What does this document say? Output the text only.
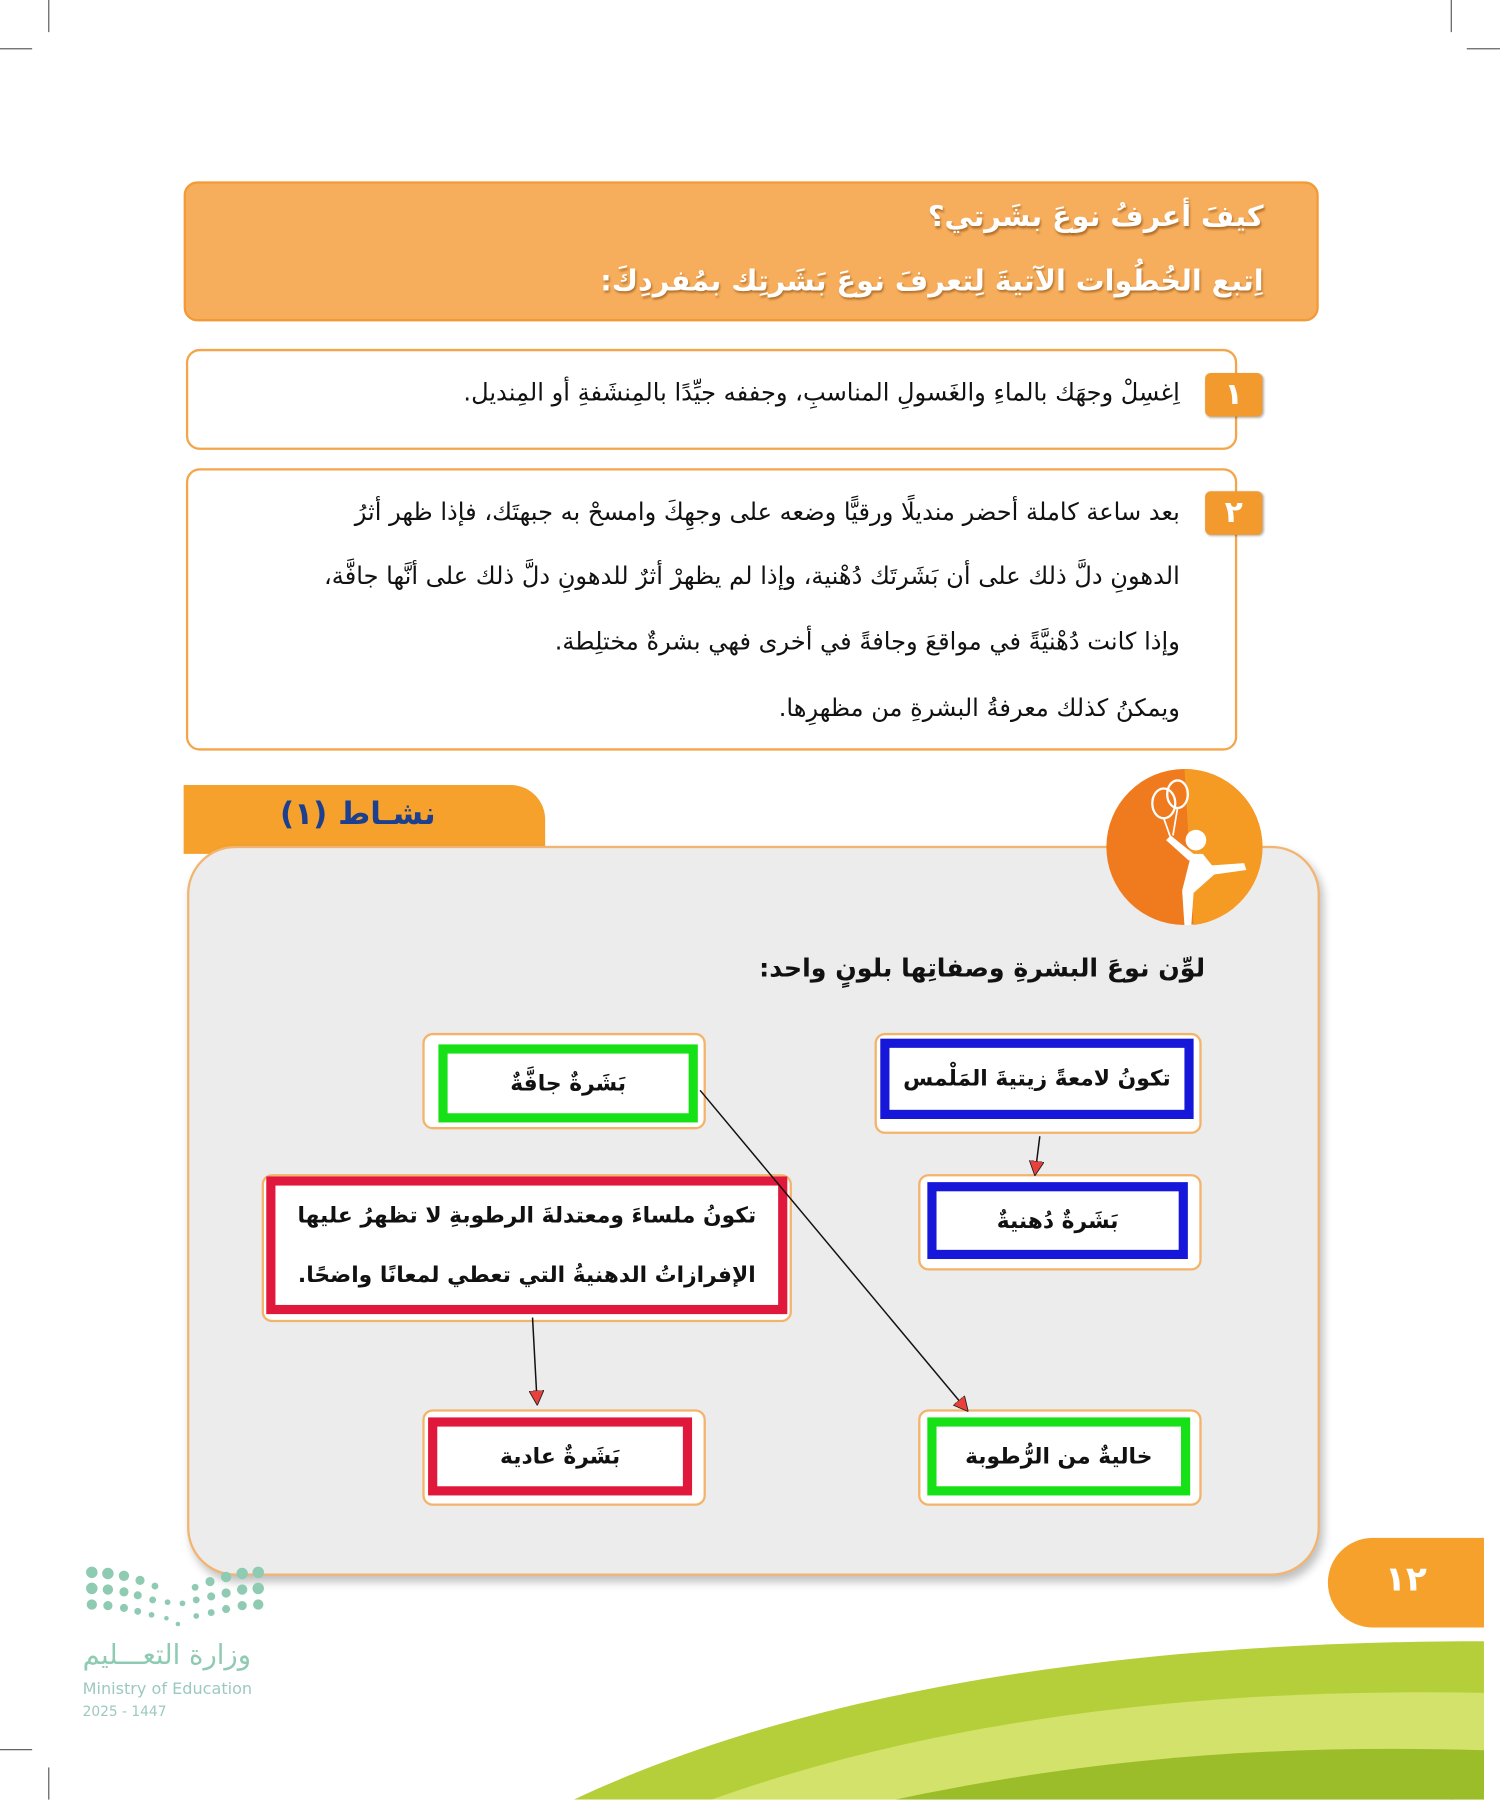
كيفَ أعرفُ نوعَ بشَرتي؟
اِتبع الخُطُوات الآتيةَ لِتعرفَ نوعَ بَشَرتِك بمُفردِكَ:
اِغسِلْ وجهَك بالماءِ والغَسولِ المناسبِ، وجففه جيِّدًا بالمِنشَفةِ أو المِنديل.	١
بعد ساعة كاملة أحضر منديلًا ورقيًّا وضعه على وجهِكَ وامسحْ به جبهتَك، فإذا ظهر أثرُ
الدهونِ دلَّ ذلك على أن بَشَرتَك دُهْنية، وإذا لم يظهرْ أثرٌ للدهونِ دلَّ ذلك على أنَّها جافَّة،
وإذا كانت دُهْنيَّةً في مواقعَ وجافةً في أخرى فهي بشرةٌ مختلِطة.
ويمكنُ كذلك معرفةُ البشرةِ من مظهرِها.
٢
نشـاط (١)
لوِّن نوعَ البشرةِ وصفاتِها بلونٍ واحد:
تكونُ لامعةً زيتيةَ المَلْمس
بَشَرةٌ دُهنيةٌ
بَشَرةٌ جافَّةٌ
تكونُ ملساءَ ومعتدلةَ الرطوبةِ لا تظهرُ عليها
الإفرازاتُ الدهنيةُ التي تعطي لمعانًا واضحًا.
بَشَرةٌ عادية	خاليةٌ من الرُّطوبة
١٢
وزارة التعـــليم
Ministry of Education
2025 - 1447
